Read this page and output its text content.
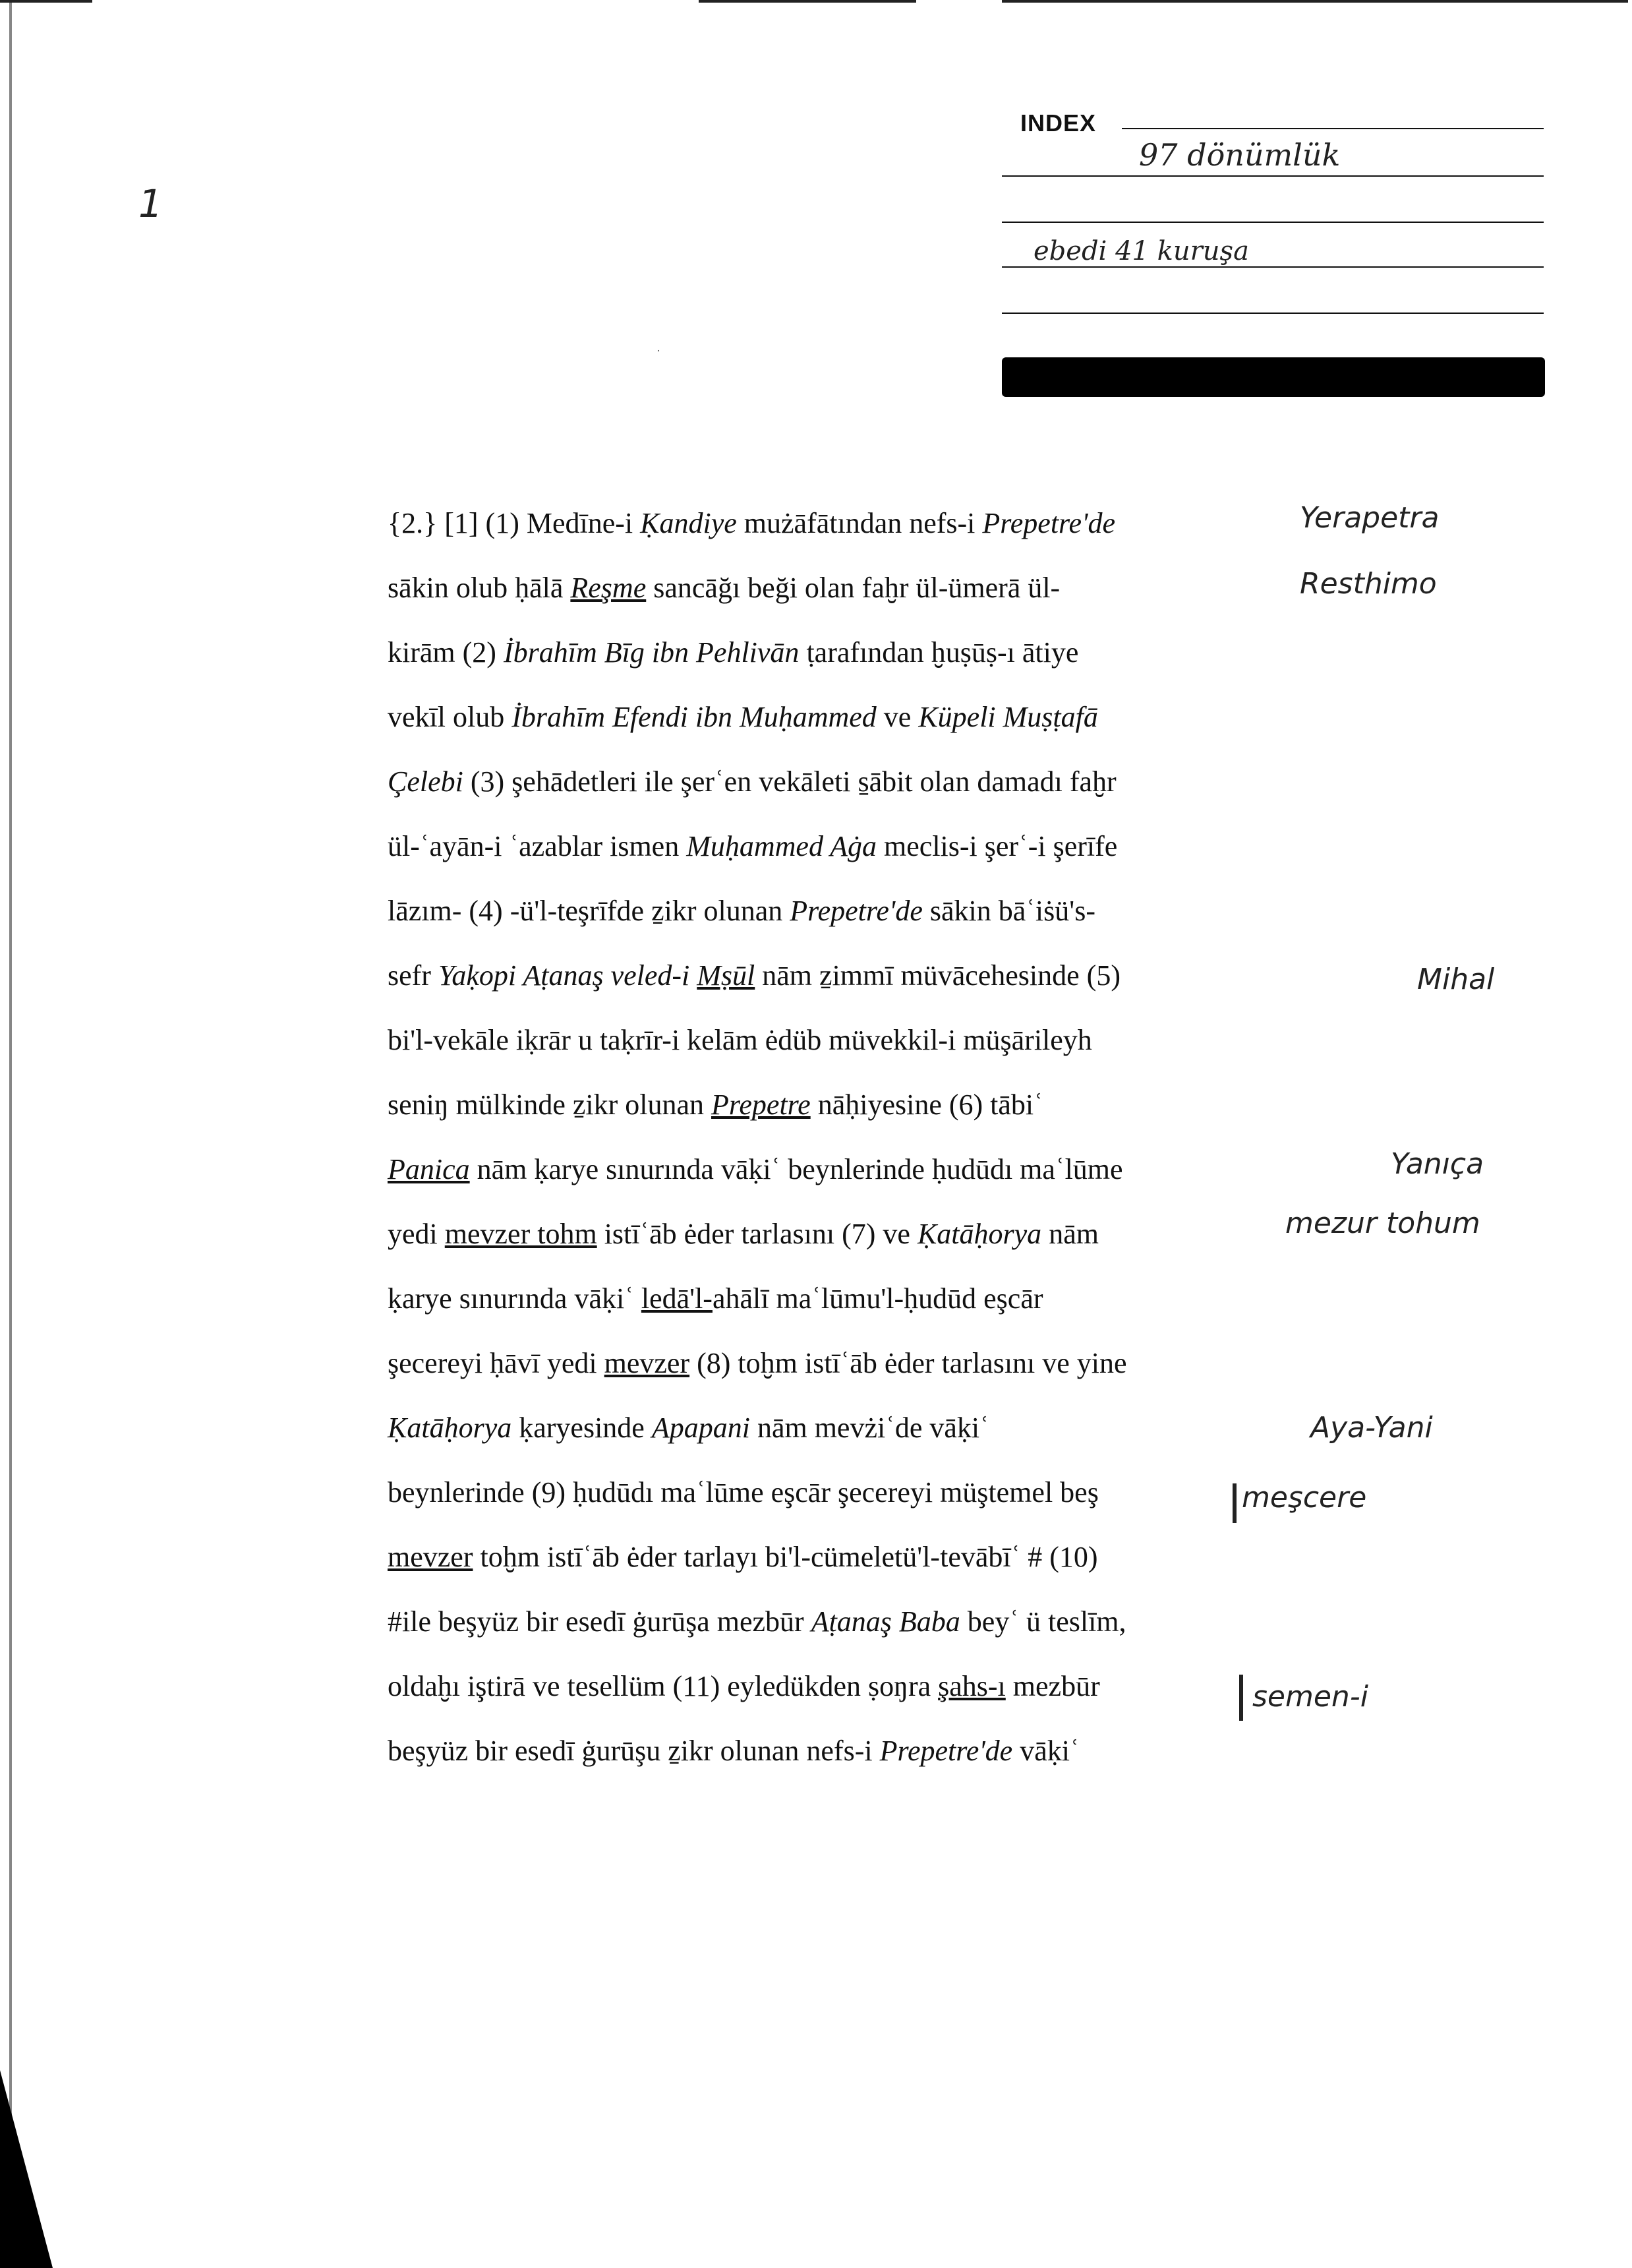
1
INDEX
97 dönümlük
ebedi 41 kuruşa
·
{2.} [1] (1) Medīne-i Ḳandiye mużāfātından nefs-i Prepetre'de
sākin olub ḥālā Reşme sancāğı beği olan faḫr ül-ümerā ül-
kirām (2) İbrahīm Bīg ibn Pehlivān ṭarafından ḫuṣūṣ-ı ātiye
vekīl olub İbrahīm Efendi ibn Muḥammed ve Küpeli Muṣṭafā
Çelebi (3) şehādetleri ile şerʿen vekāleti s̱ābit olan damadı faḫr
ül-ʿayān-i ʿazablar ismen Muḥammed Aġa meclis-i şerʿ-i şerīfe
lāzım- (4) -ü'l-teşrīfde ẕikr olunan Prepetre'de sākin bāʿiṡü's-
sefr Yaḳopi Aṭanaş veled-i Mṣūl nām ẕimmī müvācehesinde (5)
bi'l-vekāle iḳrār u taḳrīr-i kelām ėdüb müvekkil-i müşārileyh
seniŋ mülkinde ẕikr olunan Prepetre nāḥiyesine (6) tābiʿ
Panica nām ḳarye sınurında vāḳiʿ beynlerinde ḥudūdı maʿlūme
yedi mevzer tohm istīʿāb ėder tarlasını (7) ve Ḳatāḥorya nām
ḳarye sınurında vāḳiʿ ledā'l-ahālī maʿlūmu'l-ḥudūd eşcār
şecereyi ḥāvī yedi mevzer (8) toḫm istīʿāb ėder tarlasını ve yine
Ḳatāḥorya ḳaryesinde Apapani nām mevżiʿde vāḳiʿ
beynlerinde (9) ḥudūdı maʿlūme eşcār şecereyi müştemel beş
mevzer toḫm istīʿāb ėder tarlayı bi'l-cümeletü'l-tevābīʿ # (10)
#ile beşyüz bir esedī ġurūşa mezbūr Aṭanaş Baba beyʿ ü teslīm,
oldaḫı iştirā ve tesellüm (11) eyledükden ṣoŋra şahs-ı mezbūr
beşyüz bir esedī ġurūşu ẕikr olunan nefs-i Prepetre'de vāḳiʿ
Yerapetra
Resthimo
Mihal
Yanıça
mezur tohum
Aya-Yani
meşcere
semen-i
